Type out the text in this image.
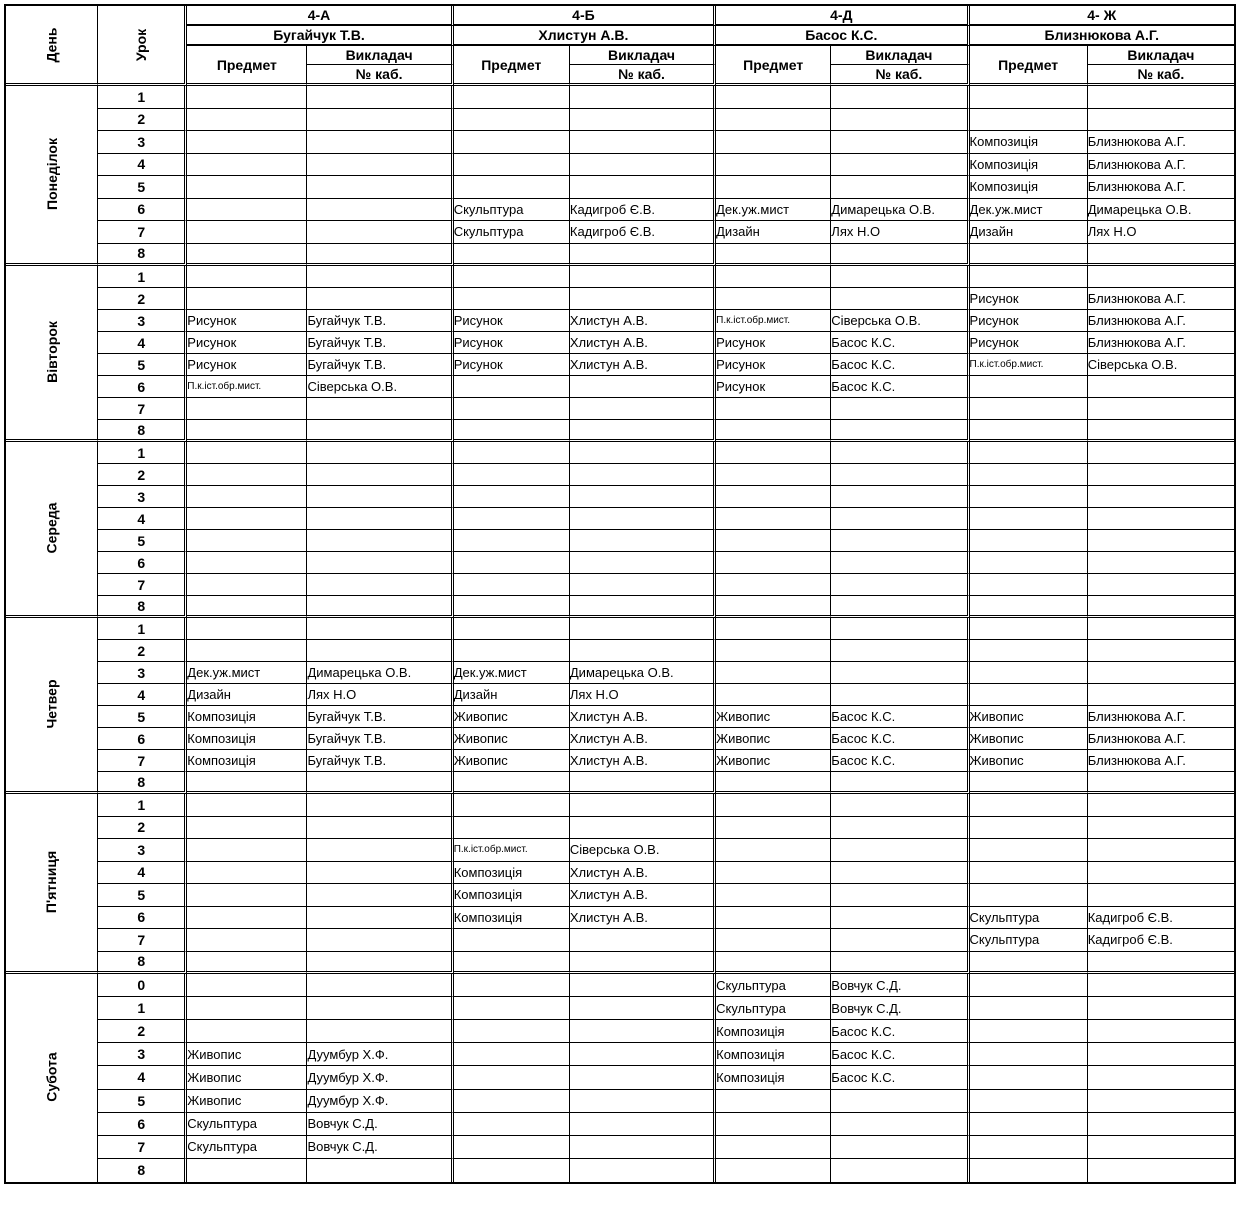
День	Урок	4-А		4-Б		4-Д		4- Ж	
		Бугайчук Т.В.		Хлистун А.В.		Басос К.С.		Близнюкова А.Г.	
		Предмет	Викладач	Предмет	Викладач	Предмет	Викладач	Предмет	Викладач
			№ каб.		№ каб.		№ каб.		№ каб.
Понеділок	1								
	2								
	3							Композиція	Близнюкова А.Г.
	4							Композиція	Близнюкова А.Г.
	5							Композиція	Близнюкова А.Г.
	6			Скульптура	Кадигроб Є.В.	Дек.уж.мист	Димарецька О.В.	Дек.уж.мист	Димарецька О.В.
	7			Скульптура	Кадигроб Є.В.	Дизайн	Лях Н.О	Дизайн	Лях Н.О
	8								
Вівторок	1								
	2							Рисунок	Близнюкова А.Г.
	3	Рисунок	Бугайчук Т.В.	Рисунок	Хлистун А.В.	П.к.іст.обр.мист.	Сіверська О.В.	Рисунок	Близнюкова А.Г.
	4	Рисунок	Бугайчук Т.В.	Рисунок	Хлистун А.В.	Рисунок	Басос К.С.	Рисунок	Близнюкова А.Г.
	5	Рисунок	Бугайчук Т.В.	Рисунок	Хлистун А.В.	Рисунок	Басос К.С.	П.к.іст.обр.мист.	Сіверська О.В.
	6	П.к.іст.обр.мист.	Сіверська О.В.			Рисунок	Басос К.С.		
	7								
	8								
Середа	1								
	2								
	3								
	4								
	5								
	6								
	7								
	8								
Четвер	1								
	2								
	3	Дек.уж.мист	Димарецька О.В.	Дек.уж.мист	Димарецька О.В.				
	4	Дизайн	Лях Н.О	Дизайн	Лях Н.О				
	5	Композиція	Бугайчук Т.В.	Живопис	Хлистун А.В.	Живопис	Басос К.С.	Живопис	Близнюкова А.Г.
	6	Композиція	Бугайчук Т.В.	Живопис	Хлистун А.В.	Живопис	Басос К.С.	Живопис	Близнюкова А.Г.
	7	Композиція	Бугайчук Т.В.	Живопис	Хлистун А.В.	Живопис	Басос К.С.	Живопис	Близнюкова А.Г.
	8								
П'ятниця	1								
	2								
	3			П.к.іст.обр.мист.	Сіверська О.В.				
	4			Композиція	Хлистун А.В.				
	5			Композиція	Хлистун А.В.				
	6			Композиція	Хлистун А.В.			Скульптура	Кадигроб Є.В.
	7							Скульптура	Кадигроб Є.В.
	8								
Субота	0					Скульптура	Вовчук С.Д.		
	1					Скульптура	Вовчук С.Д.		
	2					Композиція	Басос К.С.		
	3	Живопис	Дуумбур Х.Ф.			Композиція	Басос К.С.		
	4	Живопис	Дуумбур Х.Ф.			Композиція	Басос К.С.		
	5	Живопис	Дуумбур Х.Ф.						
	6	Скульптура	Вовчук С.Д.						
	7	Скульптура	Вовчук С.Д.						
	8								
